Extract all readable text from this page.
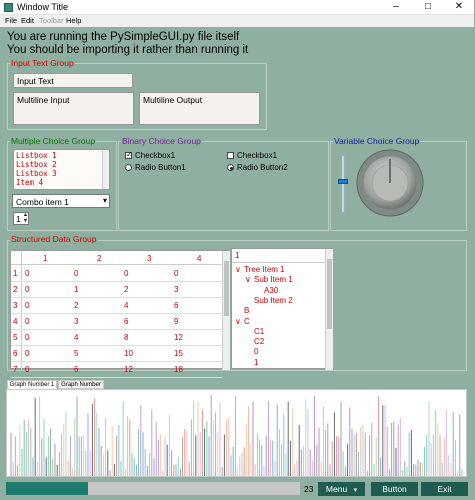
Window Title	–	□	✕
File Edit Toolbar Help
You are running the PySimpleGUI.py file itself
You should be importing it rather than running it
Input Text Group
Input Text
Multiline Input	Multiline Output
Multiple Choice Group
Listbox 1
Listbox 2
Listbox 3
Item 4
Combo item 1	▾
1 ▲
▼
Binary Choice Group
✓
Checkbox1	Checkbox1
Radio Button1	Radio Button2
Variable Choice Group
Structured Data Group
1	2	3	4
1 0	0	0	0
2 0	1	2	3
3 0	2	4	6
4 0	3	6	9
5 0	4	8	12
6 0	5	10	15
7 0	6	12	18
1
∨ Tree Item 1
∨ Sub Item 1
A30
Sub Item 2
B
∨ C
C1
C2
0
1
Graph Number 1	Graph Number
23	Menu ▾	Button	Exit
